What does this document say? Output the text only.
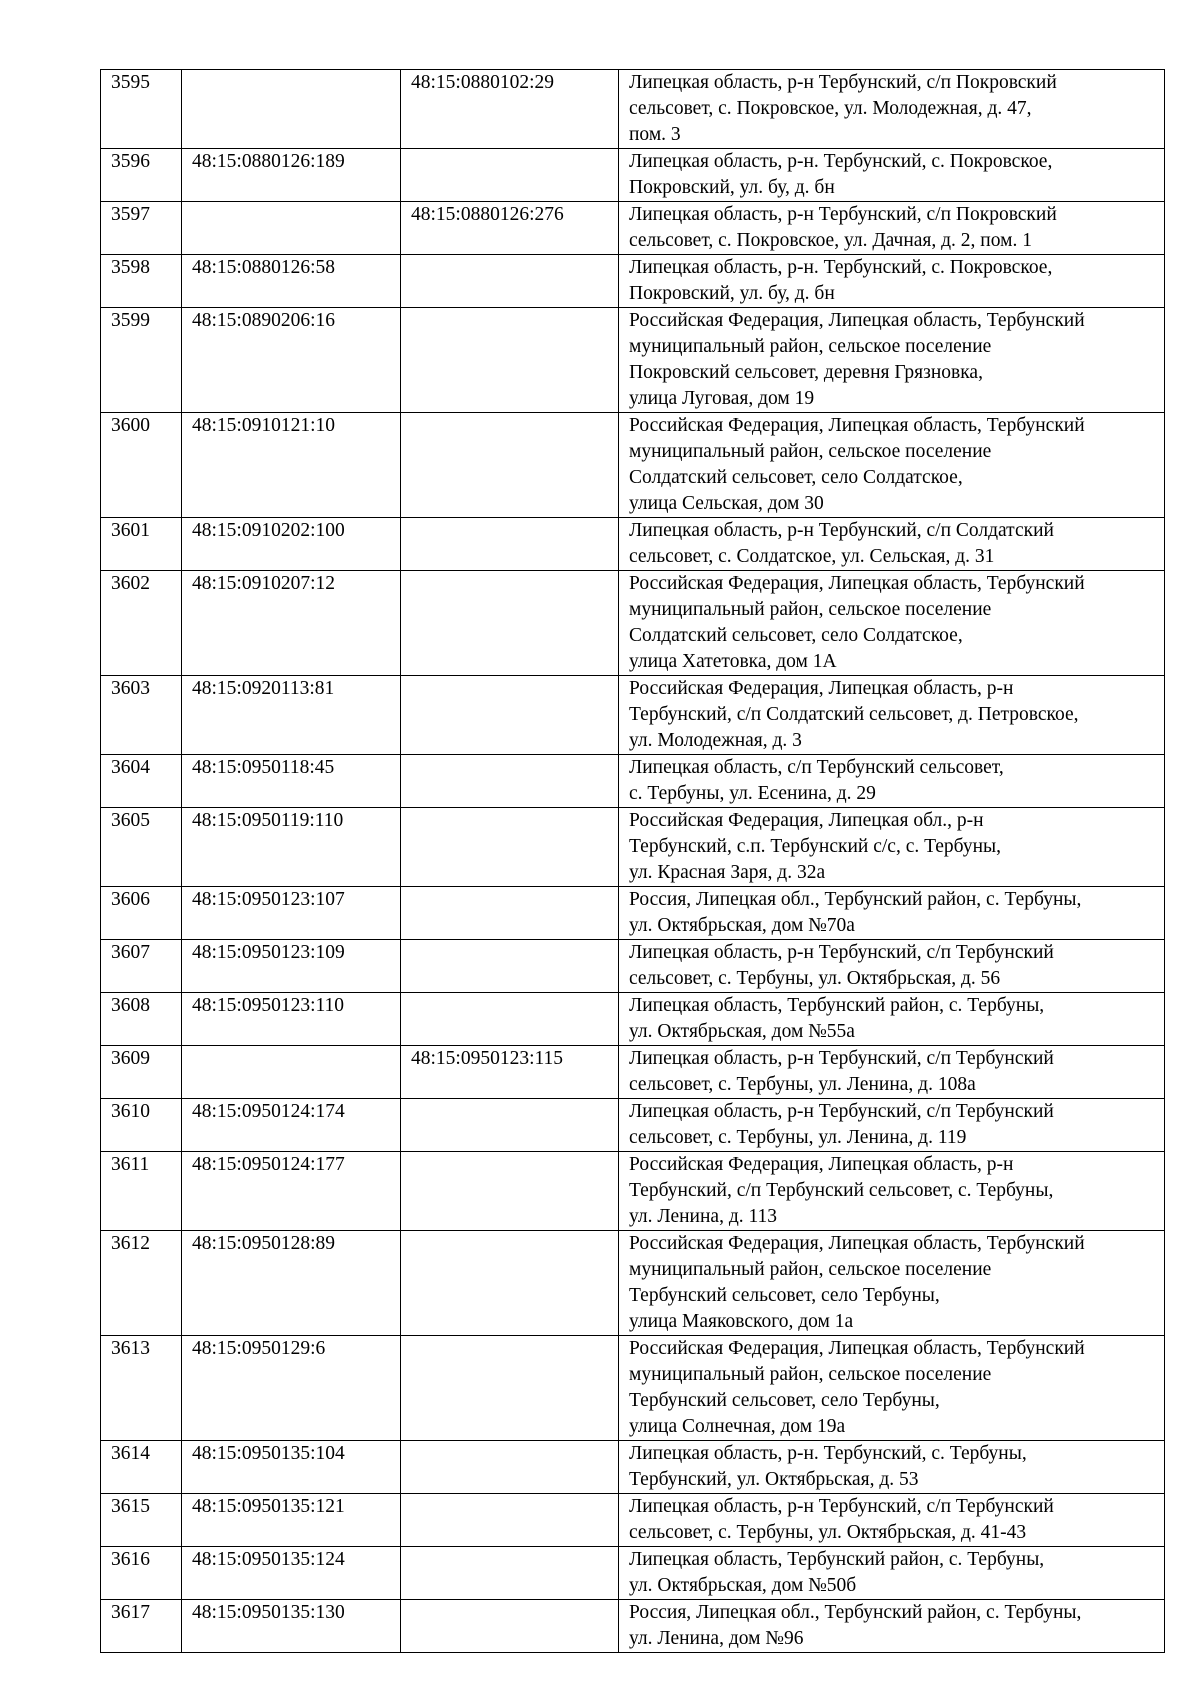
3595		48:15:0880102:29	Липецкая область, р-н Тербунский, с/п Покровский
сельсовет, с. Покровское, ул. Молодежная, д. 47,
пом. 3
3596	48:15:0880126:189		Липецкая область, р-н. Тербунский, с. Покровское,
Покровский, ул. бу, д. бн
3597		48:15:0880126:276	Липецкая область, р-н Тербунский, с/п Покровский
сельсовет, с. Покровское, ул. Дачная, д. 2, пом. 1
3598	48:15:0880126:58		Липецкая область, р-н. Тербунский, с. Покровское,
Покровский, ул. бу, д. бн
3599	48:15:0890206:16		Российская Федерация, Липецкая область, Тербунский
муниципальный район, сельское поселение
Покровский сельсовет, деревня Грязновка,
улица Луговая, дом 19
3600	48:15:0910121:10		Российская Федерация, Липецкая область, Тербунский
муниципальный район, сельское поселение
Солдатский сельсовет, село Солдатское,
улица Сельская, дом 30
3601	48:15:0910202:100		Липецкая область, р-н Тербунский, с/п Солдатский
сельсовет, с. Солдатское, ул. Сельская, д. 31
3602	48:15:0910207:12		Российская Федерация, Липецкая область, Тербунский
муниципальный район, сельское поселение
Солдатский сельсовет, село Солдатское,
улица Хатетовка, дом 1А
3603	48:15:0920113:81		Российская Федерация, Липецкая область, р-н
Тербунский, с/п Солдатский сельсовет, д. Петровское,
ул. Молодежная, д. 3
3604	48:15:0950118:45		Липецкая область, с/п Тербунский сельсовет,
с. Тербуны, ул. Есенина, д. 29
3605	48:15:0950119:110		Российская Федерация, Липецкая обл., р-н
Тербунский, с.п. Тербунский с/с, с. Тербуны,
ул. Красная Заря, д. 32а
3606	48:15:0950123:107		Россия, Липецкая обл., Тербунский район, с. Тербуны,
ул. Октябрьская, дом №70а
3607	48:15:0950123:109		Липецкая область, р-н Тербунский, с/п Тербунский
сельсовет, с. Тербуны, ул. Октябрьская, д. 56
3608	48:15:0950123:110		Липецкая область, Тербунский район, с. Тербуны,
ул. Октябрьская, дом №55а
3609		48:15:0950123:115	Липецкая область, р-н Тербунский, с/п Тербунский
сельсовет, с. Тербуны, ул. Ленина, д. 108а
3610	48:15:0950124:174		Липецкая область, р-н Тербунский, с/п Тербунский
сельсовет, с. Тербуны, ул. Ленина, д. 119
3611	48:15:0950124:177		Российская Федерация, Липецкая область, р-н
Тербунский, с/п Тербунский сельсовет, с. Тербуны,
ул. Ленина, д. 113
3612	48:15:0950128:89		Российская Федерация, Липецкая область, Тербунский
муниципальный район, сельское поселение
Тербунский сельсовет, село Тербуны,
улица Маяковского, дом 1а
3613	48:15:0950129:6		Российская Федерация, Липецкая область, Тербунский
муниципальный район, сельское поселение
Тербунский сельсовет, село Тербуны,
улица Солнечная, дом 19а
3614	48:15:0950135:104		Липецкая область, р-н. Тербунский, с. Тербуны,
Тербунский, ул. Октябрьская, д. 53
3615	48:15:0950135:121		Липецкая область, р-н Тербунский, с/п Тербунский
сельсовет, с. Тербуны, ул. Октябрьская, д. 41-43
3616	48:15:0950135:124		Липецкая область, Тербунский район, с. Тербуны,
ул. Октябрьская, дом №50б
3617	48:15:0950135:130		Россия, Липецкая обл., Тербунский район, с. Тербуны,
ул. Ленина, дом №96
